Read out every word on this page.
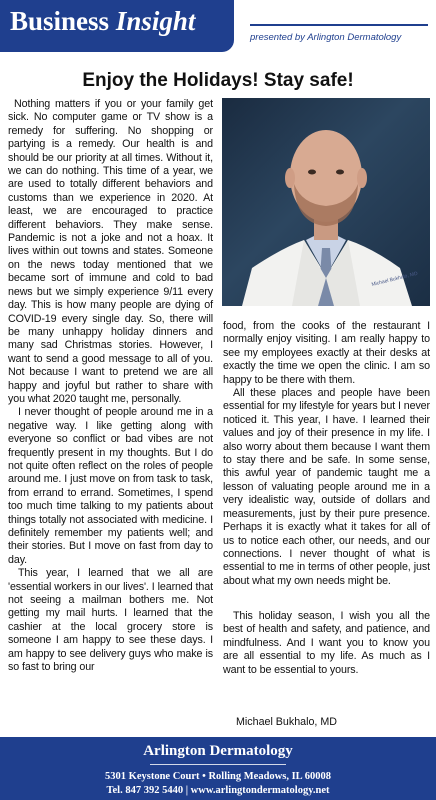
Business Insight
presented by Arlington Dermatology
Enjoy the Holidays! Stay safe!

Nothing matters if you or your family get sick. No computer game or TV show is a remedy for suffering. No shopping or partying is a remedy. Our health is and should be our priority at all times. Without it, we can do nothing. This time of a year, we are used to totally different behaviors and customs than we experience in 2020. At least, we are encouraged to practice different behaviors. They make sense. Pandemic is not a joke and not a hoax. It lives within out towns and states. Someone on the news today mentioned that we became sort of immune and cold to bad news but we simply experience 9/11 every day. This is how many people are dying of COVID-19 every single day. So, there will be many unhappy holiday dinners and many sad Christmas stories. However, I want to send a good message to all of you. Not because I want to pretend we are all happy and joyful but rather to share with you what 2020 taught me, personally.

I never thought of people around me in a negative way. I like getting along with everyone so conflict or bad vibes are not frequently present in my thoughts. But I do not quite often reflect on the roles of people around me. I just move on from task to task, from errand to errand. Sometimes, I spend too much time talking to my patients about things totally not associated with medicine. I definitely remember my patients well; and their stories. But I move on fast from day to day.

This year, I learned that we all are 'essential workers in our lives'. I learned that not seeing a mailman bothers me. Not getting my mail hurts. I learned that the cashier at the local grocery store is someone I am happy to see these days. I am happy to see delivery guys who make is so fast to bring our

Michael Bukhalo, MD

food, from the cooks of the restaurant I normally enjoy visiting. I am really happy to see my employees exactly at their desks at exactly the time we open the clinic. I am so happy to be there with them.

All these places and people have been essential for my lifestyle for years but I never noticed it. This year, I have. I learned their values and joy of their presence in my life. I also worry about them because I want them to stay there and be safe. In some sense, this awful year of pandemic taught me a lesson of valuating people around me in a very idealistic way, outside of dollars and measurements, just by their pure presence. Perhaps it is exactly what it takes for all of us to notice each other, our needs, and our connections. I never thought of what is essential to me in terms of other people, just about what my own needs might be.

This holiday season, I wish you all the best of health and safety, and patience, and mindfulness. And I want you to know you are all essential to my life. As much as I want to be essential to yours.

Michael Bukhalo, MD
Arlington Dermatology
5301 Keystone Court • Rolling Meadows, IL 60008
Tel. 847 392 5440 | www.arlingtondermatology.net
